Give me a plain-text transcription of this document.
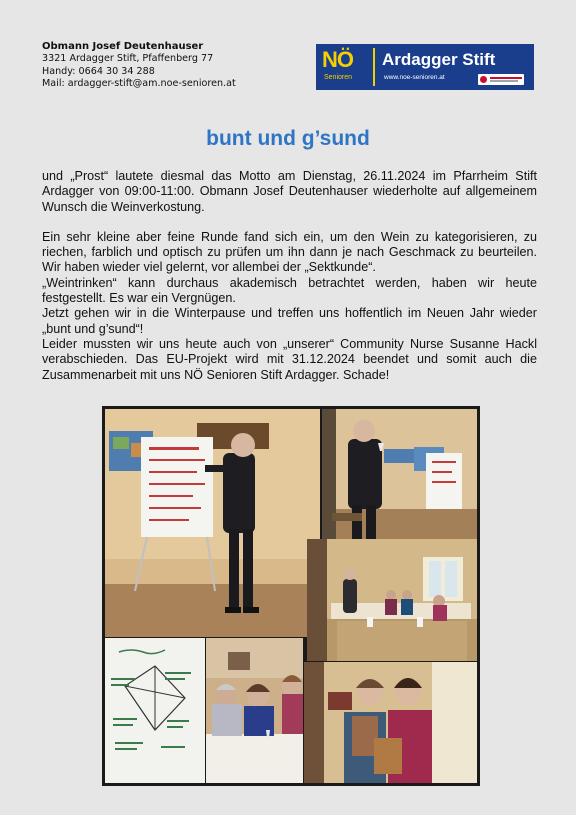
Obmann Josef Deutenhauser
3321 Ardagger Stift, Pfaffenberg 77
Handy: 0664 30 34 288
Mail: ardagger-stift@am.noe-senioren.at
NÖ
Senioren
Ardagger Stift
www.noe-senioren.at
bunt und g’sund

und „Prost“ lautete diesmal das Motto am Dienstag, 26.11.2024 im Pfarrheim Stift Ardagger von 09:00-11:00. Obmann Josef Deutenhauser wiederholte auf allgemeinem Wunsch die Weinverkostung.

Ein sehr kleine aber feine Runde fand sich ein, um den Wein zu kategorisieren, zu riechen, farblich und optisch zu prüfen um ihn dann je nach Geschmack zu beurteilen. Wir haben wieder viel gelernt, vor allembei der „Sektkunde“.

„Weintrinken“ kann durchaus akademisch betrachtet werden, haben wir heute festgestellt. Es war ein Vergnügen.

Jetzt gehen wir in die Winterpause und treffen uns hoffentlich im Neuen Jahr wieder „bunt und g’sund“!

Leider mussten wir uns heute auch von „unserer“ Community Nurse Susanne Hackl verabschieden. Das EU-Projekt wird mit 31.12.2024 beendet und somit auch die Zusammenarbeit mit uns NÖ Senioren Stift Ardagger. Schade!
